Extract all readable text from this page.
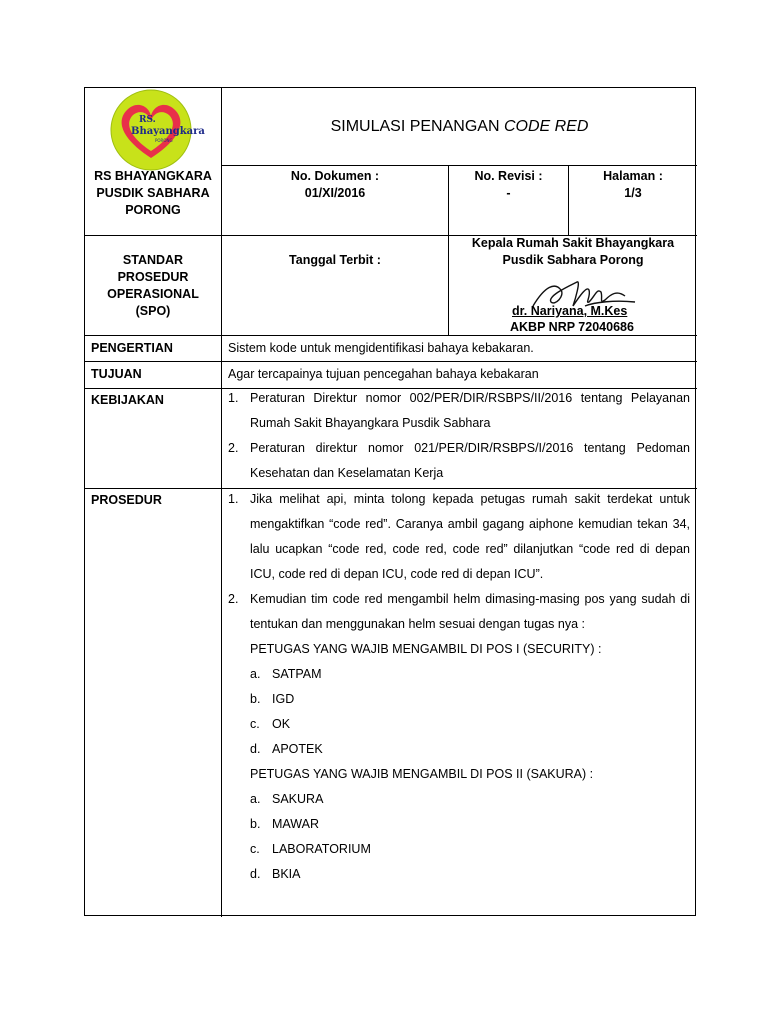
RS.
Bhayangkara
PORONG
RS BHAYANGKARA PUSDIK SABHARA PORONG
SIMULASI PENANGAN CODE RED
No. Dokumen :
01/XI/2016
No. Revisi :
-
Halaman :
1/3
STANDAR PROSEDUR OPERASIONAL (SPO)
Tanggal Terbit :
Kepala Rumah Sakit Bhayangkara Pusdik Sabhara Porong
dr. Nariyana, M.Kes
AKBP NRP 72040686
PENGERTIAN	Sistem kode untuk mengidentifikasi bahaya kebakaran.
TUJUAN	Agar tercapainya tujuan pencegahan bahaya kebakaran
KEBIJAKAN	1. Peraturan Direktur nomor 002/PER/DIR/RSBPS/II/2016 tentang Pelayanan Rumah Sakit Bhayangkara Pusdik Sabhara
2. Peraturan direktur nomor 021/PER/DIR/RSBPS/I/2016 tentang Pedoman Kesehatan dan Keselamatan Kerja
PROSEDUR	1. Jika melihat api, minta tolong kepada petugas rumah sakit terdekat untuk mengaktifkan “code red”. Caranya ambil gagang aiphone kemudian tekan 34, lalu ucapkan “code red, code red, code red” dilanjutkan “code red di depan ICU, code red di depan ICU, code red di depan ICU”.
2. Kemudian tim code red mengambil helm dimasing-masing pos yang sudah di tentukan dan menggunakan helm sesuai dengan tugas nya :
PETUGAS YANG WAJIB MENGAMBIL DI POS I (SECURITY) :
a. SATPAM
b. IGD
c. OK
d. APOTEK
PETUGAS YANG WAJIB MENGAMBIL DI POS II (SAKURA) :
a. SAKURA
b. MAWAR
c. LABORATORIUM
d. BKIA
